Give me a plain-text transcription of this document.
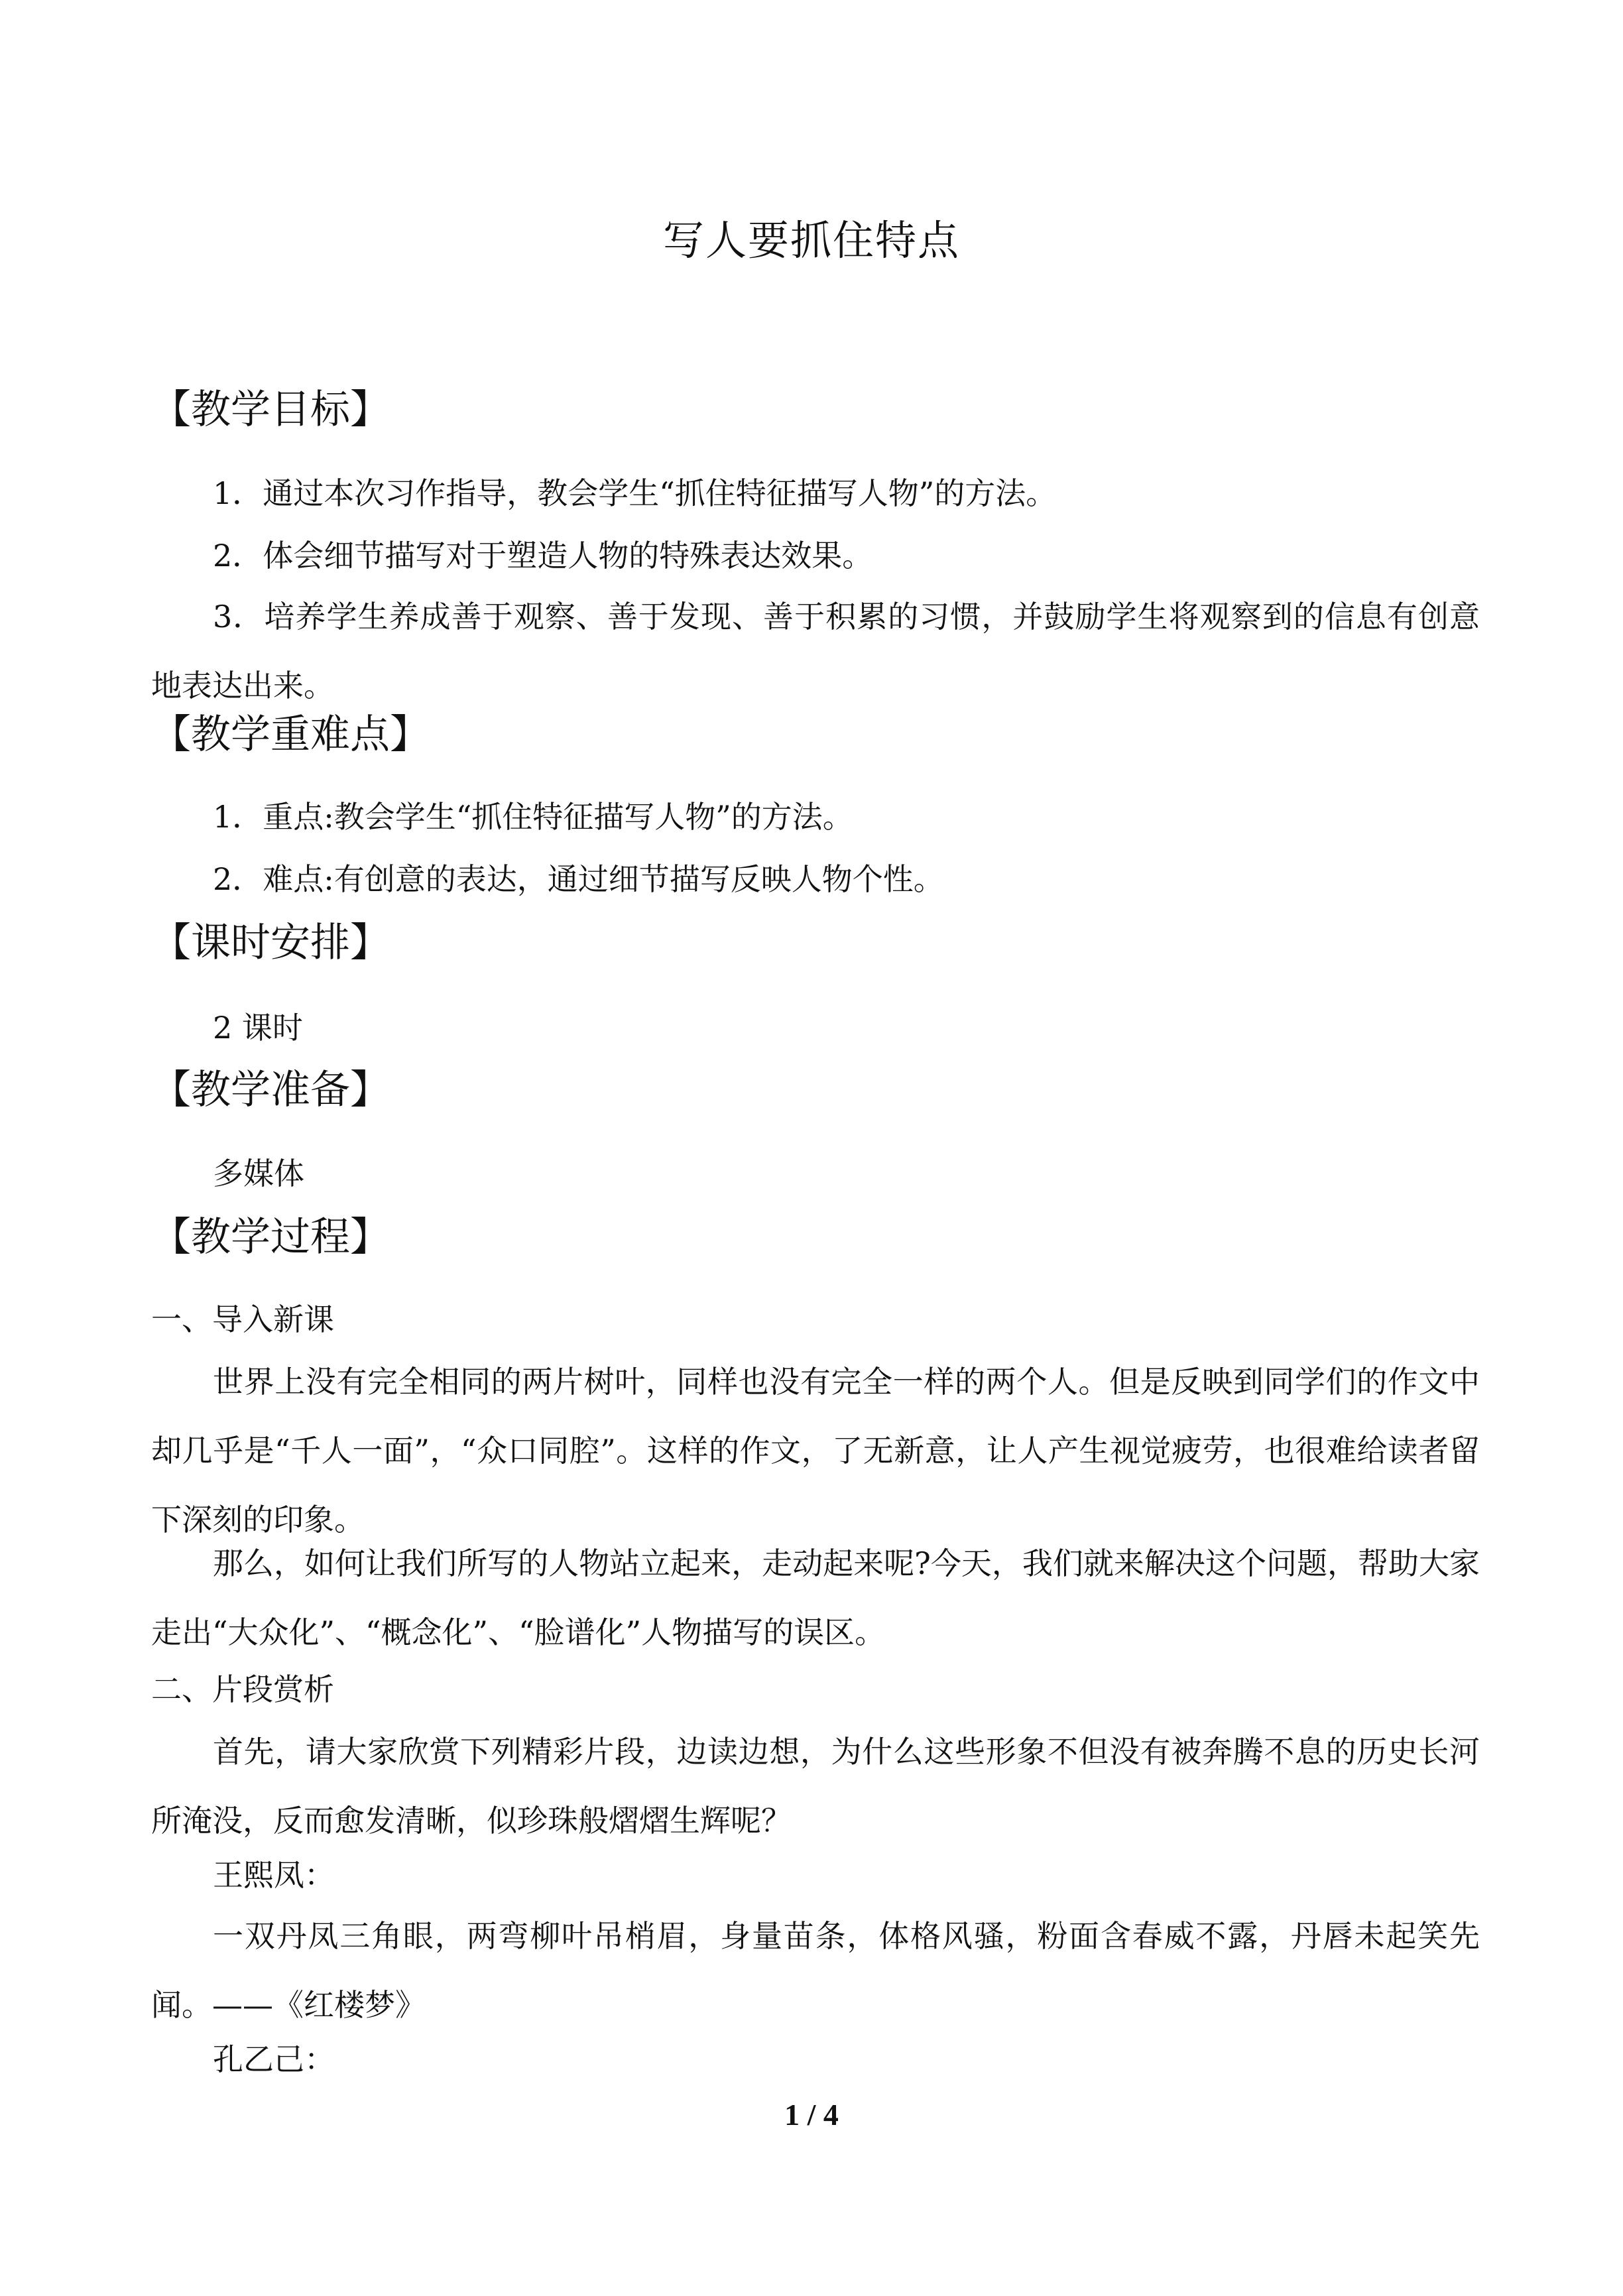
写人要抓住特点
【教学目标】
1．通过本次习作指导，教会学生“抓住特征描写人物”的方法。
2．体会细节描写对于塑造人物的特殊表达效果。
3．培养学生养成善于观察、善于发现、善于积累的习惯，并鼓励学生将观察到的信息有创意地表达出来。
【教学重难点】
1．重点:教会学生“抓住特征描写人物”的方法。
2．难点:有创意的表达，通过细节描写反映人物个性。
【课时安排】
2 课时
【教学准备】
多媒体
【教学过程】
一、导入新课
世界上没有完全相同的两片树叶，同样也没有完全一样的两个人。但是反映到同学们的作文中却几乎是“千人一面”，“众口同腔”。这样的作文，了无新意，让人产生视觉疲劳，也很难给读者留下深刻的印象。
那么，如何让我们所写的人物站立起来，走动起来呢?今天，我们就来解决这个问题，帮助大家走出“大众化”、“概念化”、“脸谱化”人物描写的误区。
二、片段赏析
首先，请大家欣赏下列精彩片段，边读边想，为什么这些形象不但没有被奔腾不息的历史长河所淹没，反而愈发清晰，似珍珠般熠熠生辉呢？
王熙凤：
一双丹凤三角眼，两弯柳叶吊梢眉，身量苗条，体格风骚，粉面含春威不露，丹唇未起笑先闻。——《红楼梦》
孔乙己：
1 / 4
